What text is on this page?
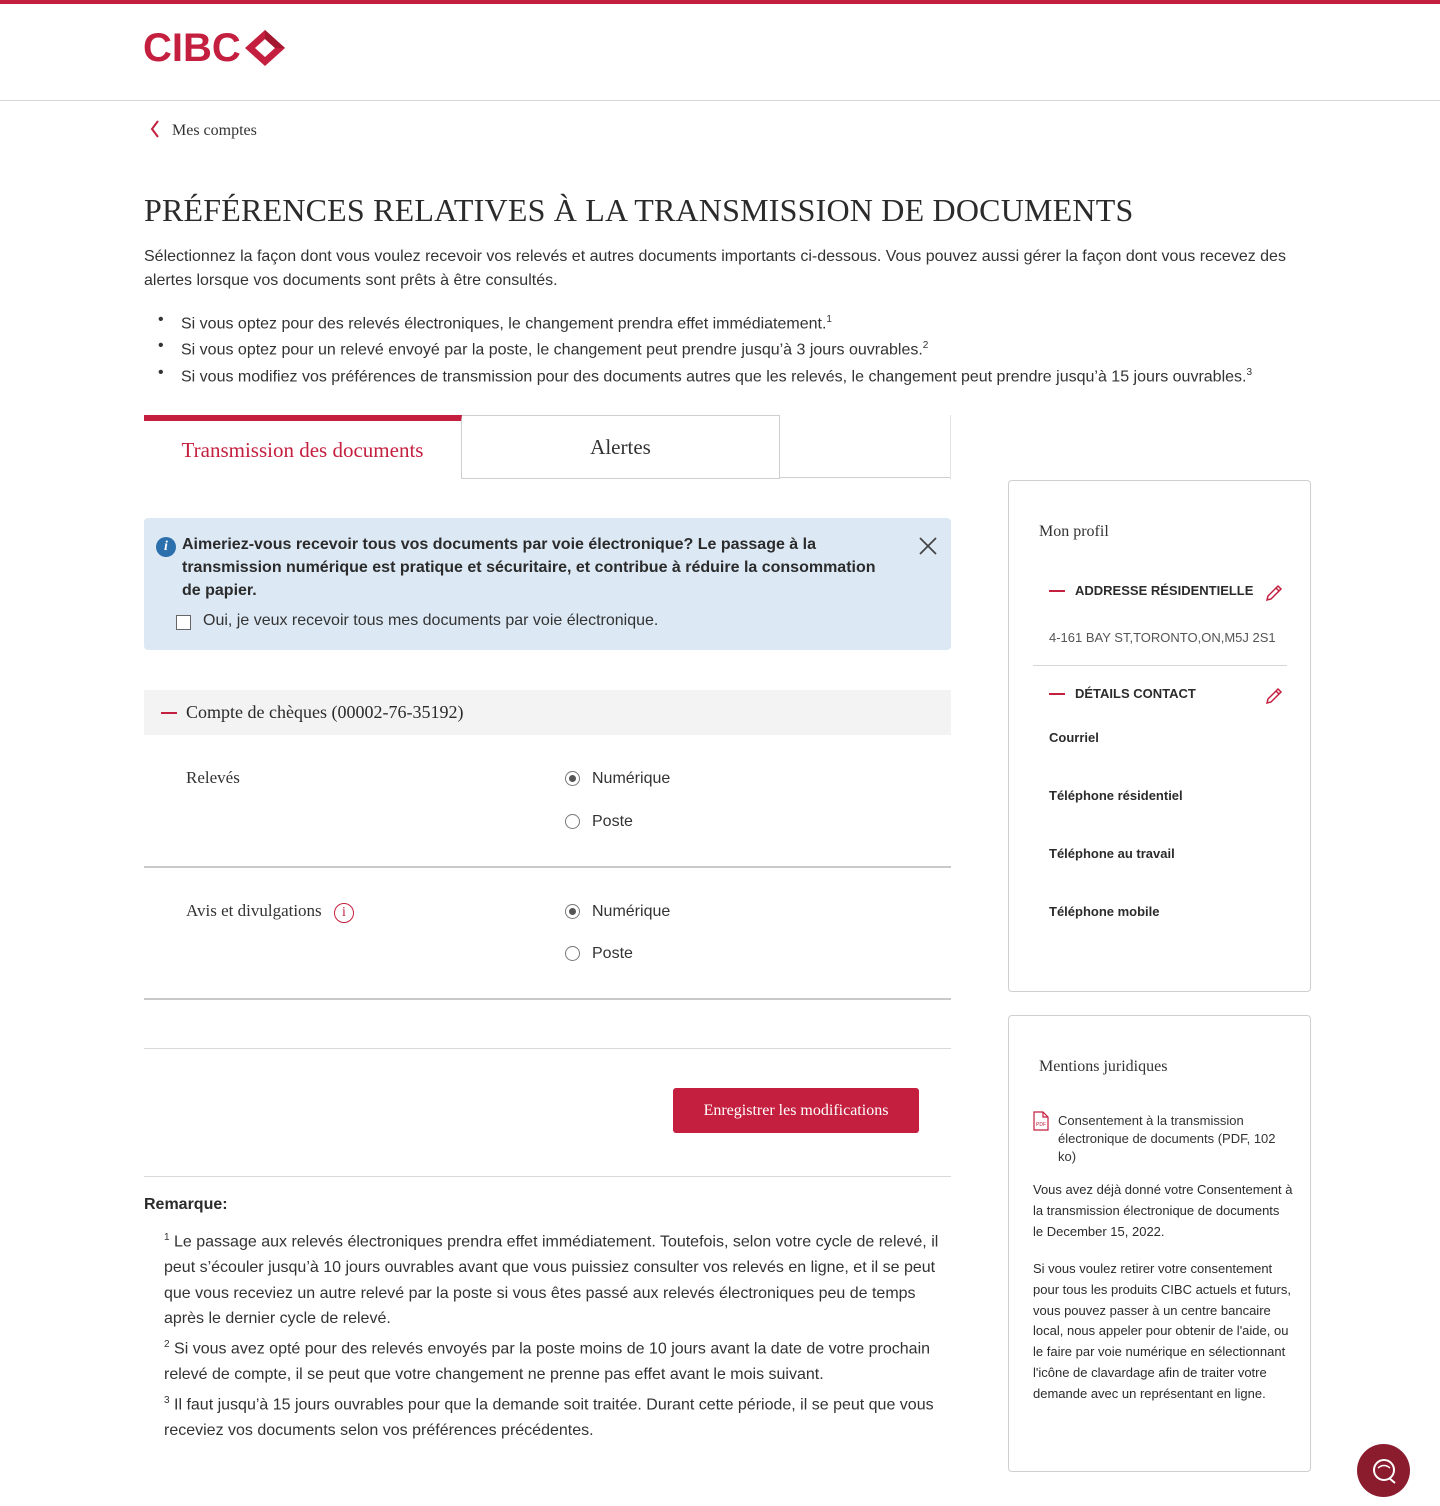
CIBC
Mes comptes
PRÉFÉRENCES RELATIVES À LA TRANSMISSION DE DOCUMENTS

Sélectionnez la façon dont vous voulez recevoir vos relevés et autres documents importants ci-dessous. Vous pouvez aussi gérer la façon dont vous recevez des alertes lorsque vos documents sont prêts à être consultés.

• Si vous optez pour des relevés électroniques, le changement prendra effet immédiatement.$^1$
• Si vous optez pour un relevé envoyé par la poste, le changement peut prendre jusqu’à 3 jours ouvrables.$^2$
• Si vous modifiez vos préférences de transmission pour des documents autres que les relevés, le changement peut prendre jusqu’à 15 jours ouvrables.$^3$
Transmission des documents	Alertes
i Aimeriez-vous recevoir tous vos documents par voie électronique? Le passage à la transmission numérique est pratique et sécuritaire, et contribue à réduire la consommation de papier.
Oui, je veux recevoir tous mes documents par voie électronique.
Compte de chèques (00002-76-35192)
Relevés	Numérique
Poste
Avis et divulgations	i	Numérique
Poste
Enregistrer les modifications
Remarque:
$^1$ Le passage aux relevés électroniques prendra effet immédiatement. Toutefois, selon votre cycle de relevé, il peut s’écouler jusqu’à 10 jours ouvrables avant que vous puissiez consulter vos relevés en ligne, et il se peut que vous receviez un autre relevé par la poste si vous êtes passé aux relevés électroniques peu de temps après le dernier cycle de relevé.
$^2$ Si vous avez opté pour des relevés envoyés par la poste moins de 10 jours avant la date de votre prochain relevé de compte, il se peut que votre changement ne prenne pas effet avant le mois suivant.
$^3$ Il faut jusqu’à 15 jours ouvrables pour que la demande soit traitée. Durant cette période, il se peut que vous receviez vos documents selon vos préférences précédentes.
Mon profil
ADDRESSE RÉSIDENTIELLE
4-161 BAY ST,TORONTO,ON,M5J 2S1
DÉTAILS CONTACT
Courriel
Téléphone résidentiel
Téléphone au travail
Téléphone mobile
Mentions juridiques
PDF Consentement à la transmission électronique de documents (PDF, 102 ko)
Vous avez déjà donné votre Consentement à la transmission électronique de documents le December 15, 2022.
Si vous voulez retirer votre consentement pour tous les produits CIBC actuels et futurs, vous pouvez passer à un centre bancaire local, nous appeler pour obtenir de l'aide, ou le faire par voie numérique en sélectionnant l'icône de clavardage afin de traiter votre demande avec un représentant en ligne.
